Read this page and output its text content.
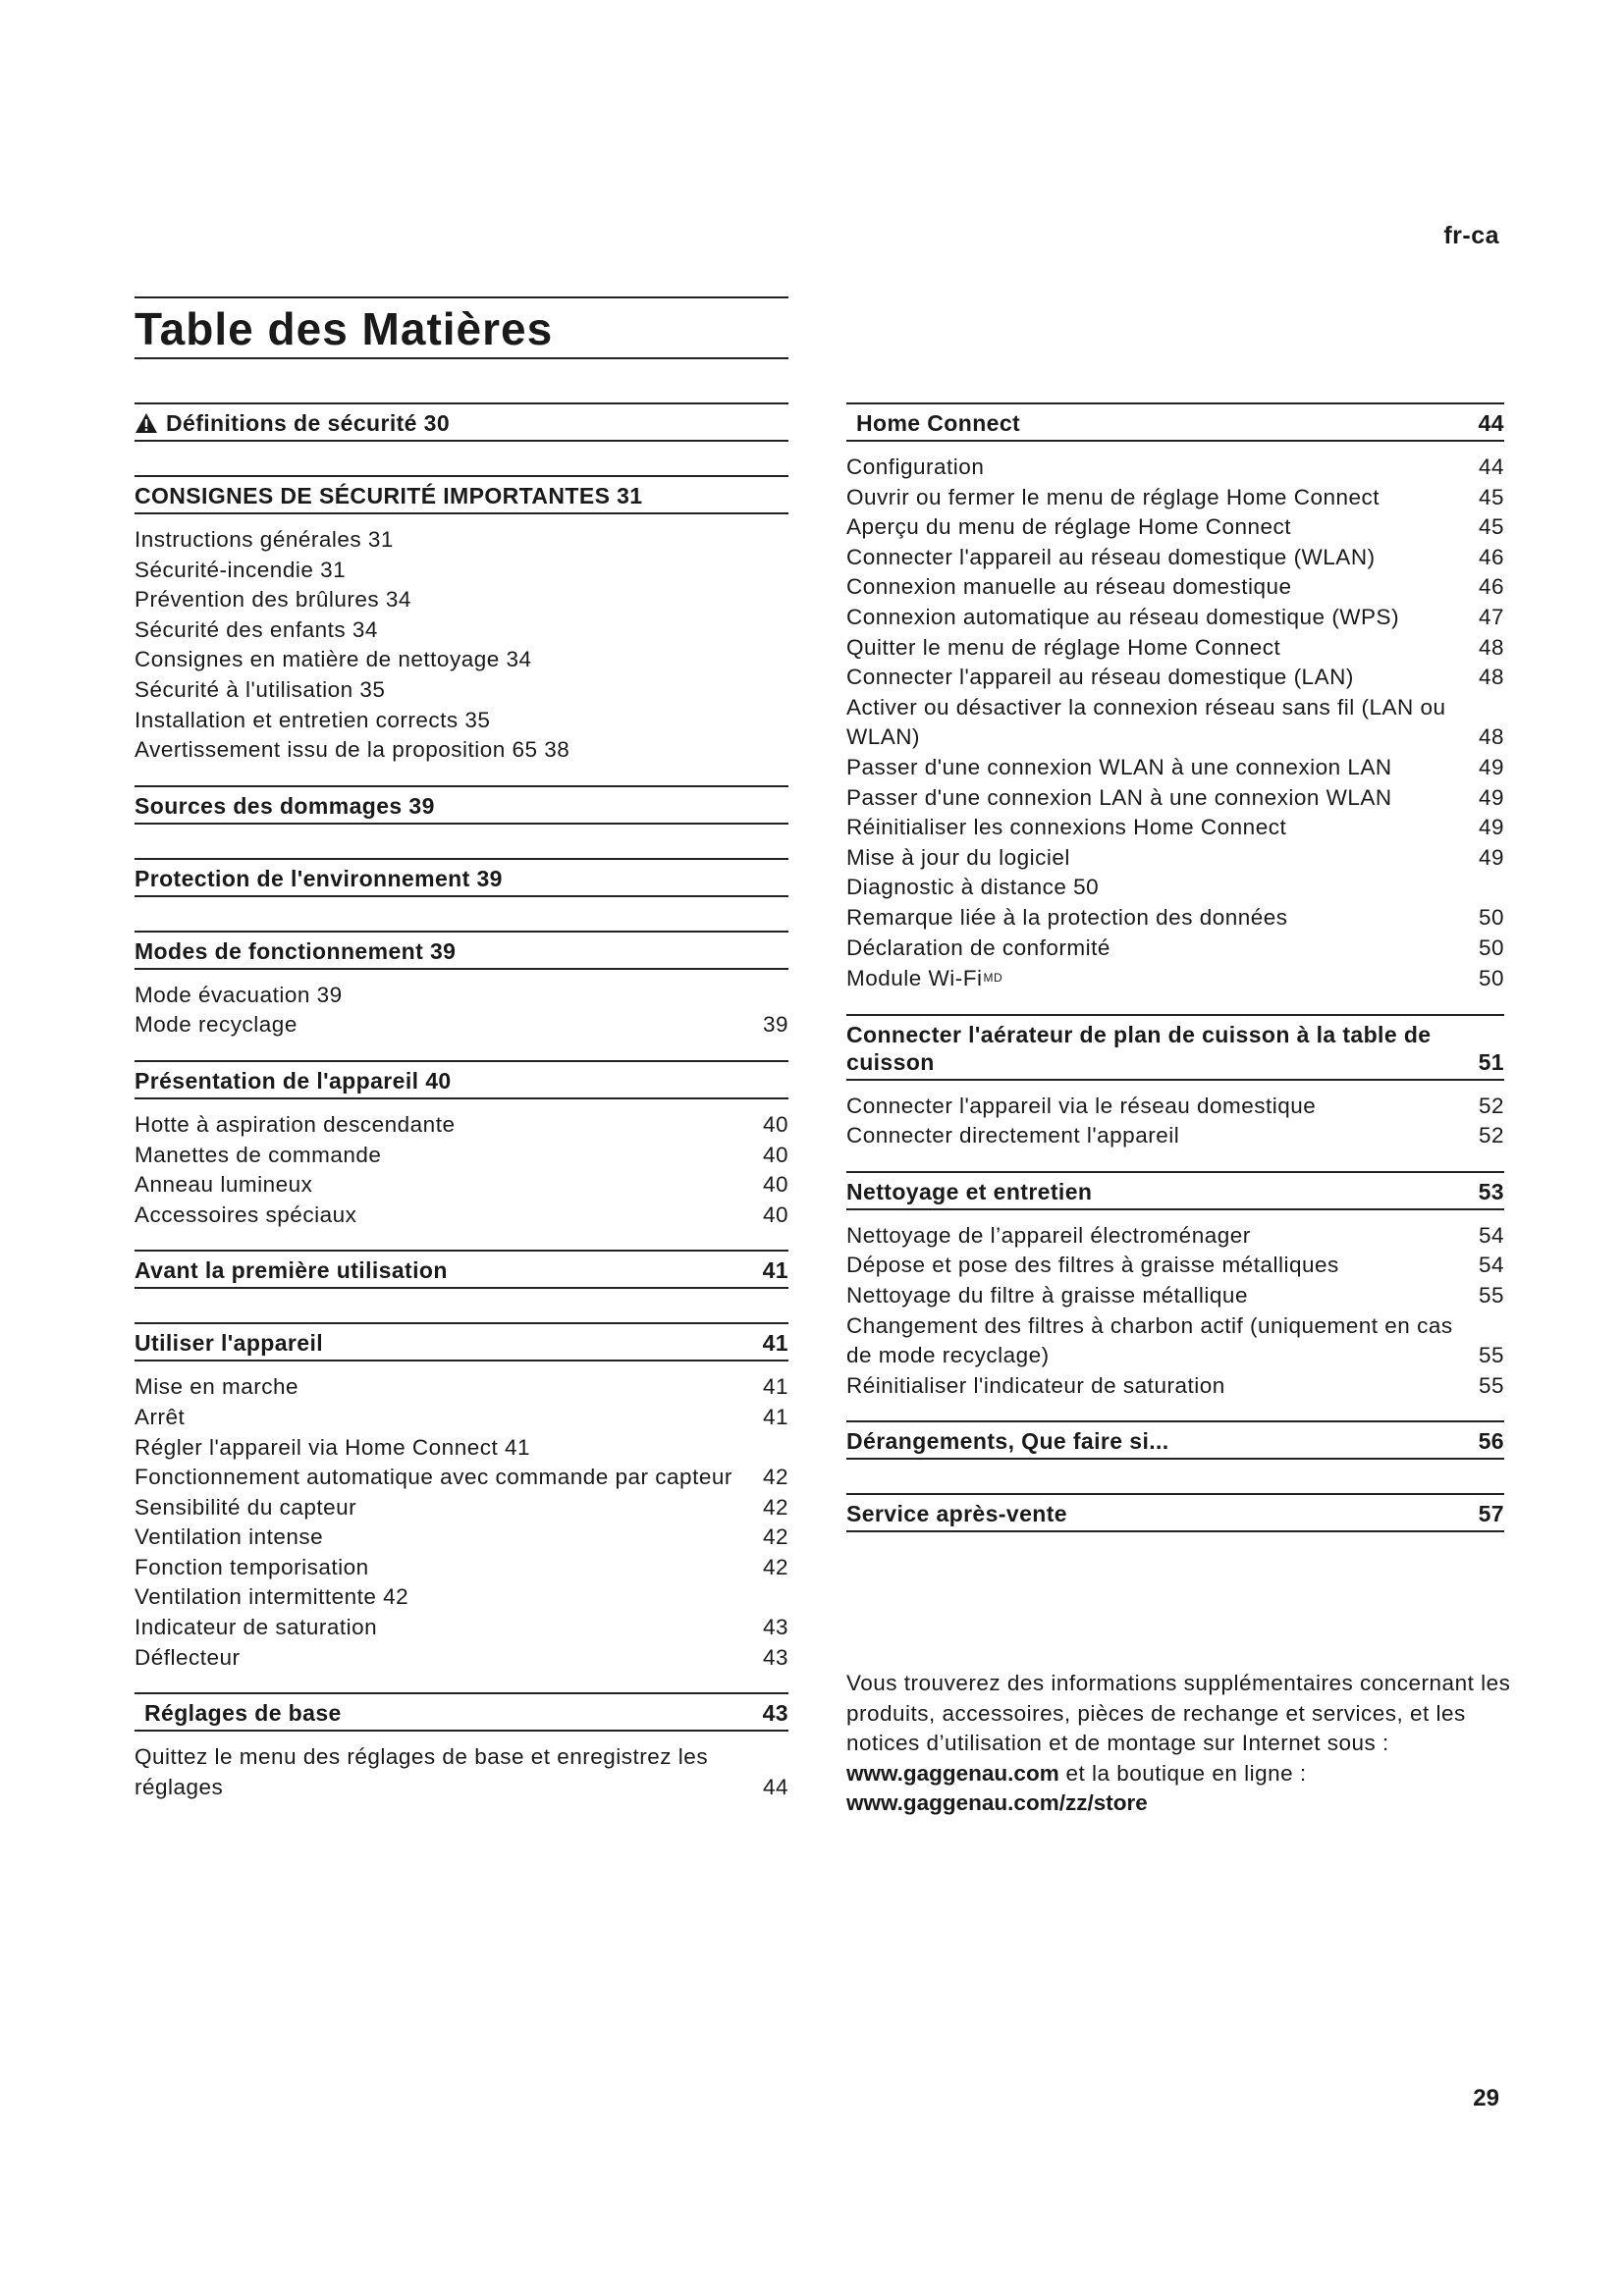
fr-ca
Table des Matières
Définitions de sécurité 30
CONSIGNES DE SÉCURITÉ IMPORTANTES 31
Instructions générales 31
Sécurité-incendie 31
Prévention des brûlures 34
Sécurité des enfants 34
Consignes en matière de nettoyage 34
Sécurité à l'utilisation 35
Installation et entretien corrects 35
Avertissement issu de la proposition 65 38
Sources des dommages 39
Protection de l'environnement 39
Modes de fonctionnement 39
Mode évacuation 39
Mode recyclage	39
Présentation de l'appareil 40
Hotte à aspiration descendante	40
Manettes de commande	40
Anneau lumineux	40
Accessoires spéciaux	40
Avant la première utilisation	41
Utiliser l'appareil	41
Mise en marche	41
Arrêt	41
Régler l'appareil via Home Connect 41
Fonctionnement automatique avec commande par capteur	42
Sensibilité du capteur	42
Ventilation intense	42
Fonction temporisation	42
Ventilation intermittente 42
Indicateur de saturation	43
Déflecteur	43
Réglages de base	43
Quittez le menu des réglages de base et enregistrez les réglages	44
Home Connect	44
Configuration	44
Ouvrir ou fermer le menu de réglage Home Connect	45
Aperçu du menu de réglage Home Connect	45
Connecter l'appareil au réseau domestique (WLAN)	46
Connexion manuelle au réseau domestique	46
Connexion automatique au réseau domestique (WPS)	47
Quitter le menu de réglage Home Connect	48
Connecter l'appareil au réseau domestique (LAN)	48
Activer ou désactiver la connexion réseau sans fil (LAN ou WLAN)	48
Passer d'une connexion WLAN à une connexion LAN	49
Passer d'une connexion LAN à une connexion WLAN	49
Réinitialiser les connexions Home Connect	49
Mise à jour du logiciel	49
Diagnostic à distance 50
Remarque liée à la protection des données	50
Déclaration de conformité	50
Module $Wi-Fi^{MD}$	50
Connecter l'aérateur de plan de cuisson à la table de cuisson	51
Connecter l'appareil via le réseau domestique	52
Connecter directement l'appareil	52
Nettoyage et entretien	53
Nettoyage de l’appareil électroménager	54
Dépose et pose des filtres à graisse métalliques	54
Nettoyage du filtre à graisse métallique	55
Changement des filtres à charbon actif (uniquement en cas de mode recyclage)	55
Réinitialiser l'indicateur de saturation	55
Dérangements, Que faire si...	56
Service après-vente	57
Vous trouverez des informations supplémentaires concernant les produits, accessoires, pièces de rechange et services, et les notices d’utilisation et de montage sur Internet sous : www.gaggenau.com et la boutique en ligne : www.gaggenau.com/zz/store
29
